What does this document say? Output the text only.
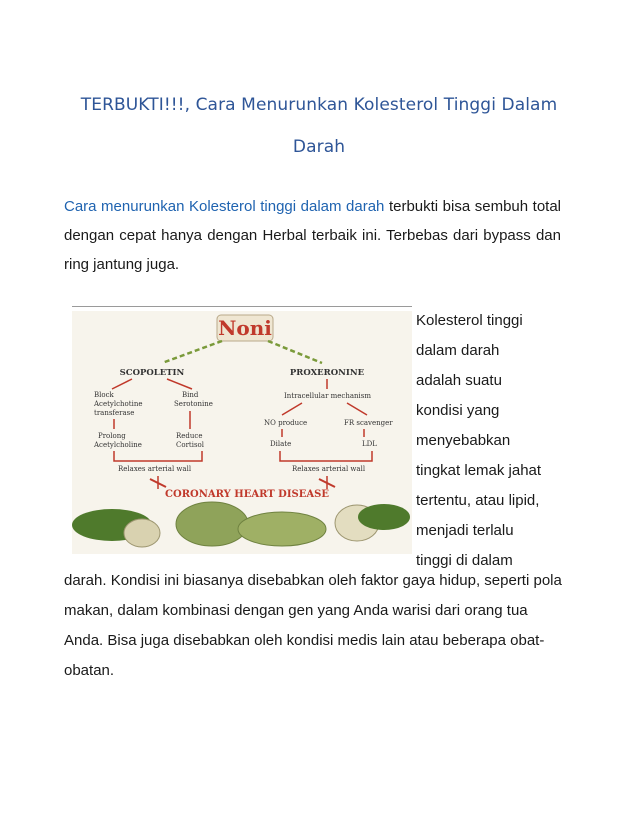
TERBUKTI!!!, Cara Menurunkan Kolesterol Tinggi Dalam
Darah
Cara menurunkan Kolesterol tinggi dalam darah terbukti bisa sembuh total dengan cepat hanya dengan Herbal terbaik ini. Terbebas dari bypass dan ring jantung juga.
Noni
SCOPOLETIN	PROXERONINE
Block
Acetylchotine
transferase
Bind
Serotonine
Prolong
Acetylcholine
Reduce
Cortisol
Relaxes arterial wall
Intracellular mechanism
NO produce	FR scavenger
Dilate	LDL
Relaxes arterial wall
CORONARY HEART DISEASE

Kolesterol tinggi

dalam darah

adalah suatu

kondisi yang

menyebabkan

tingkat lemak jahat

tertentu, atau lipid,

menjadi terlalu

tinggi di dalam

darah. Kondisi ini biasanya disebabkan oleh faktor gaya hidup, seperti pola makan, dalam kombinasi dengan gen yang Anda warisi dari orang tua Anda. Bisa juga disebabkan oleh kondisi medis lain atau beberapa obat-obatan.
